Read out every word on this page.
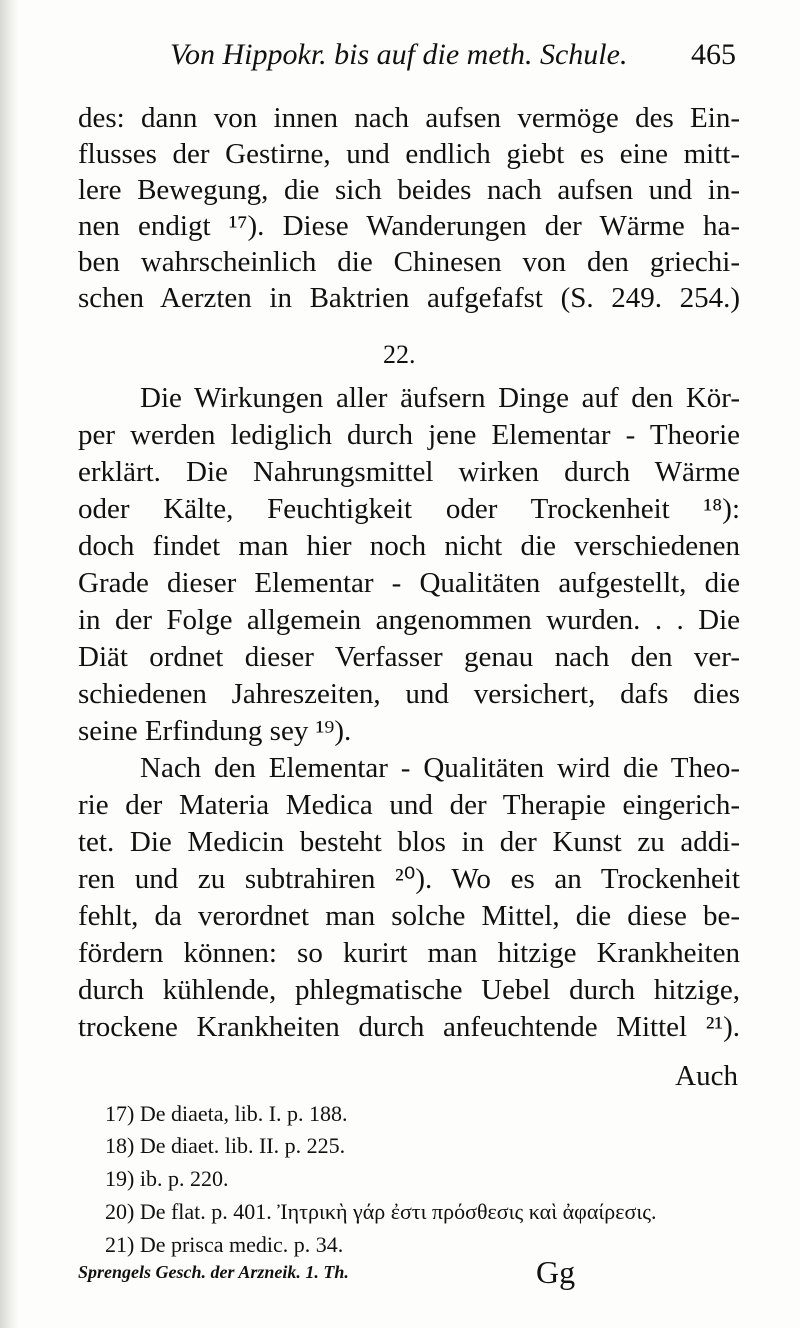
Von Hippokr. bis auf die meth. Schule. 465
des: dann von innen nach aufsen vermöge des Ein-
flusses der Gestirne, und endlich giebt es eine mitt-
lere Bewegung, die sich beides nach aufsen und in-
nen endigt ¹⁷). Diese Wanderungen der Wärme ha-
ben wahrscheinlich die Chinesen von den griechi-
schen Aerzten in Baktrien aufgefafst (S. 249. 254.)
22.
Die Wirkungen aller äufsern Dinge auf den Kör-
per werden lediglich durch jene Elementar - Theorie
erklärt. Die Nahrungsmittel wirken durch Wärme
oder Kälte, Feuchtigkeit oder Trockenheit ¹⁸):
doch findet man hier noch nicht die verschiedenen
Grade dieser Elementar - Qualitäten aufgestellt, die
in der Folge allgemein angenommen wurden. . . Die
Diät ordnet dieser Verfasser genau nach den ver-
schiedenen Jahreszeiten, und versichert, dafs dies
seine Erfindung sey ¹⁹).
Nach den Elementar - Qualitäten wird die Theo-
rie der Materia Medica und der Therapie eingerich-
tet. Die Medicin besteht blos in der Kunst zu addi-
ren und zu subtrahiren ²⁰). Wo es an Trockenheit
fehlt, da verordnet man solche Mittel, die diese be-
fördern können: so kurirt man hitzige Krankheiten
durch kühlende, phlegmatische Uebel durch hitzige,
trockene Krankheiten durch anfeuchtende Mittel ²¹).
Auch
17) De diaeta, lib. I. p. 188.
18) De diaet. lib. II. p. 225.
19) ib. p. 220.
20) De flat. p. 401. Ἰητρικὴ γάρ ἐστι πρόσθεσις καὶ ἀφαίρεσις.
21) De prisca medic. p. 34.
Sprengels Gesch. der Arzneik. 1. Th.	Gg
